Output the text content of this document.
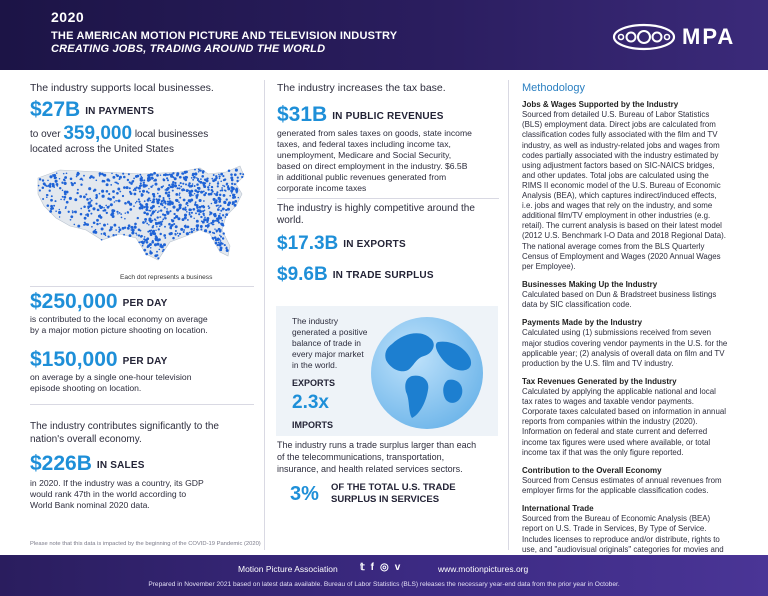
2020
THE AMERICAN MOTION PICTURE AND TELEVISION INDUSTRY
CREATING JOBS, TRADING AROUND THE WORLD	MPA
The industry supports local businesses.
$27B IN PAYMENTS
to over 359,000 local businesses
located across the United States
Each dot represents a business
$250,000 PER DAY
is contributed to the local economy on average
by a major motion picture shooting on location.
$150,000 PER DAY
on average by a single one-hour television
episode shooting on location.
The industry contributes significantly to the
nation's overall economy.
$226B IN SALES
in 2020. If the industry was a country, its GDP
would rank 47th in the world according to
World Bank nominal 2020 data.
The industry increases the tax base.
$31B IN PUBLIC REVENUES
generated from sales taxes on goods, state income
taxes, and federal taxes including income tax,
unemployment, Medicare and Social Security,
based on direct employment in the industry. $6.5B
in additional public revenues generated from
corporate income taxes
The industry is highly competitive around the
world.
$17.3B IN EXPORTS
$9.6B IN TRADE SURPLUS
The industry
generated a positive
balance of trade in
every major market
in the world.
EXPORTS
2.3x
IMPORTS
The industry runs a trade surplus larger than each
of the telecommunications, transportation,
insurance, and health related services sectors.
3% OF THE TOTAL U.S. TRADE
SURPLUS IN SERVICES
Methodology
Jobs & Wages Supported by the Industry
Sourced from detailed U.S. Bureau of Labor Statistics
(BLS) employment data. Direct jobs are calculated from
classification codes fully associated with the film and TV
industry, as well as industry-related jobs and wages from
codes partially associated with the industry estimated by
using adjustment factors based on SIC-NAICS bridges,
and other updates. Total jobs are calculated using the
RIMS II economic model of the U.S. Bureau of Economic
Analysis (BEA), which captures indirect/induced effects,
i.e. jobs and wages that rely on the industry, and some
additional film/TV employment in other industries (e.g.
retail). The current analysis is based on their latest model
(2012 U.S. Benchmark I-O Data and 2018 Regional Data).
The national average comes from the BLS Quarterly
Census of Employment and Wages (2020 Annual Wages
per Employee).
Businesses Making Up the Industry
Calculated based on Dun & Bradstreet business listings
data by SIC classification code.
Payments Made by the Industry
Calculated using (1) submissions received from seven
major studios covering vendor payments in the U.S. for the
applicable year; (2) analysis of overall data on film and TV
production by the U.S. film and TV industry.
Tax Revenues Generated by the Industry
Calculated by applying the applicable national and local
tax rates to wages and taxable vendor payments.
Corporate taxes calculated based on information in annual
reports from companies within the industry (2020).
Information on federal and state current and deferred
income tax figures were used where available, or total
income tax if that was the only figure reported.
Contribution to the Overall Economy
Sourced from Census estimates of annual revenues from
employer firms for the applicable classification codes.
International Trade
Sourced from the Bureau of Economic Analysis (BEA)
report on U.S. Trade in Services, By Type of Service.
Includes licenses to reproduce and/or distribute, rights to
use, and "audiovisual originals" categories for movies and
Please note that this data is impacted by the beginning of the COVID-19 Pandemic (2020)
Motion Picture Association 𝕥 f ◎ v	www.motionpictures.org
Prepared in November 2021 based on latest data available. Bureau of Labor Statistics (BLS) releases the necessary year-end data from the prior year in October.
